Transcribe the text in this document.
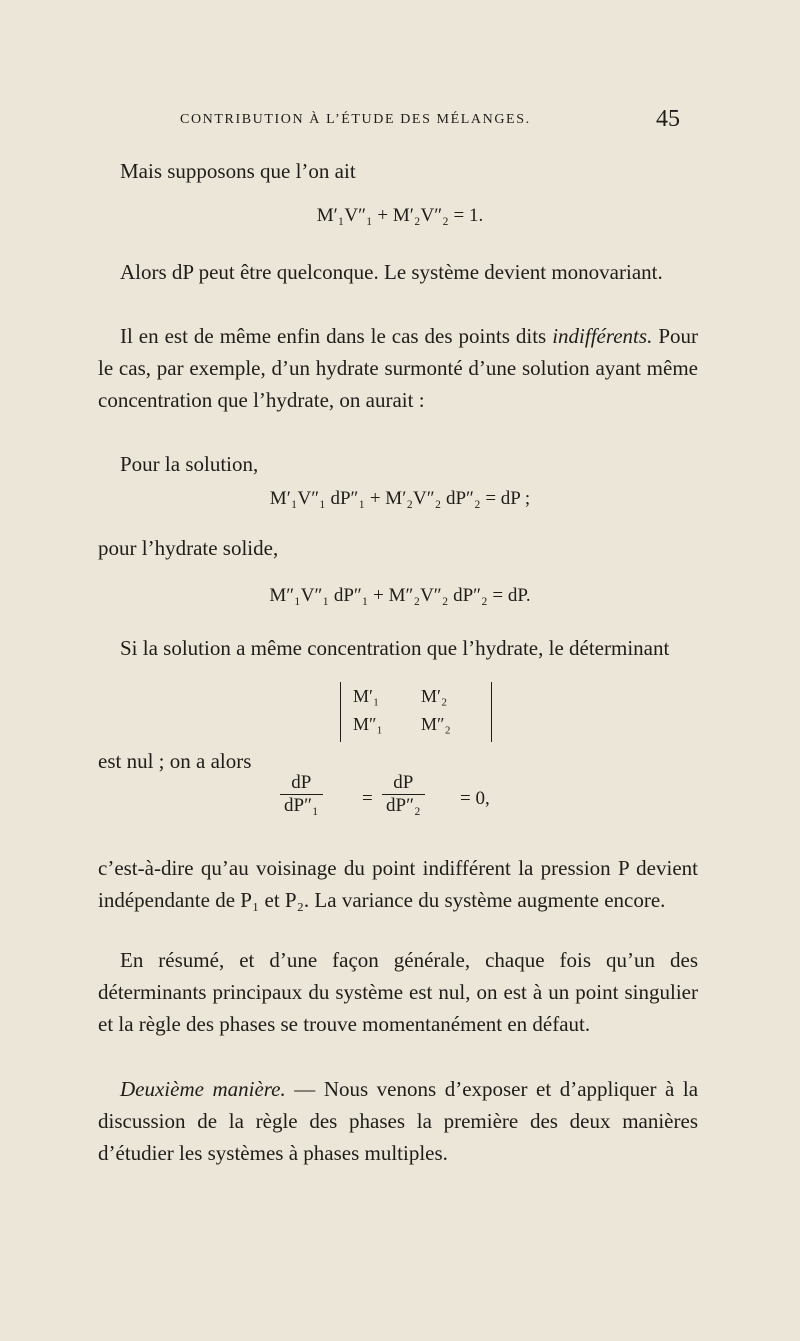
CONTRIBUTION À L’ÉTUDE DES MÉLANGES.	45
Mais supposons que l’on ait
M′₁V″₁ + M′₂V″₂ = 1.
Alors dP peut être quelconque. Le système devient monovariant.
Il en est de même enfin dans le cas des points dits indifférents. Pour le cas, par exemple, d’un hydrate surmonté d’une solution ayant même concentration que l’hydrate, on aurait :
Pour la solution,
M′₁V″₁ dP″₁ + M′₂V″₂ dP″₂ = dP ;
pour l’hydrate solide,
M″₁V″₁ dP″₁ + M″₂V″₂ dP″₂ = dP.
Si la solution a même concentration que l’hydrate, le déterminant
M′₁ M′₂
M″₁ M″₂
est nul ; on a alors
$\frac{dP}{\text{dP″₁}} = \frac{dP}{\text{dP″₂}} = 0$,
c’est-à-dire qu’au voisinage du point indifférent la pression P devient indépendante de P₁ et P₂. La variance du système augmente encore.
En résumé, et d’une façon générale, chaque fois qu’un des déterminants principaux du système est nul, on est à un point singulier et la règle des phases se trouve momentanément en défaut.
Deuxième manière. — Nous venons d’exposer et d’appliquer à la discussion de la règle des phases la première des deux manières d’étudier les systèmes à phases multiples.
